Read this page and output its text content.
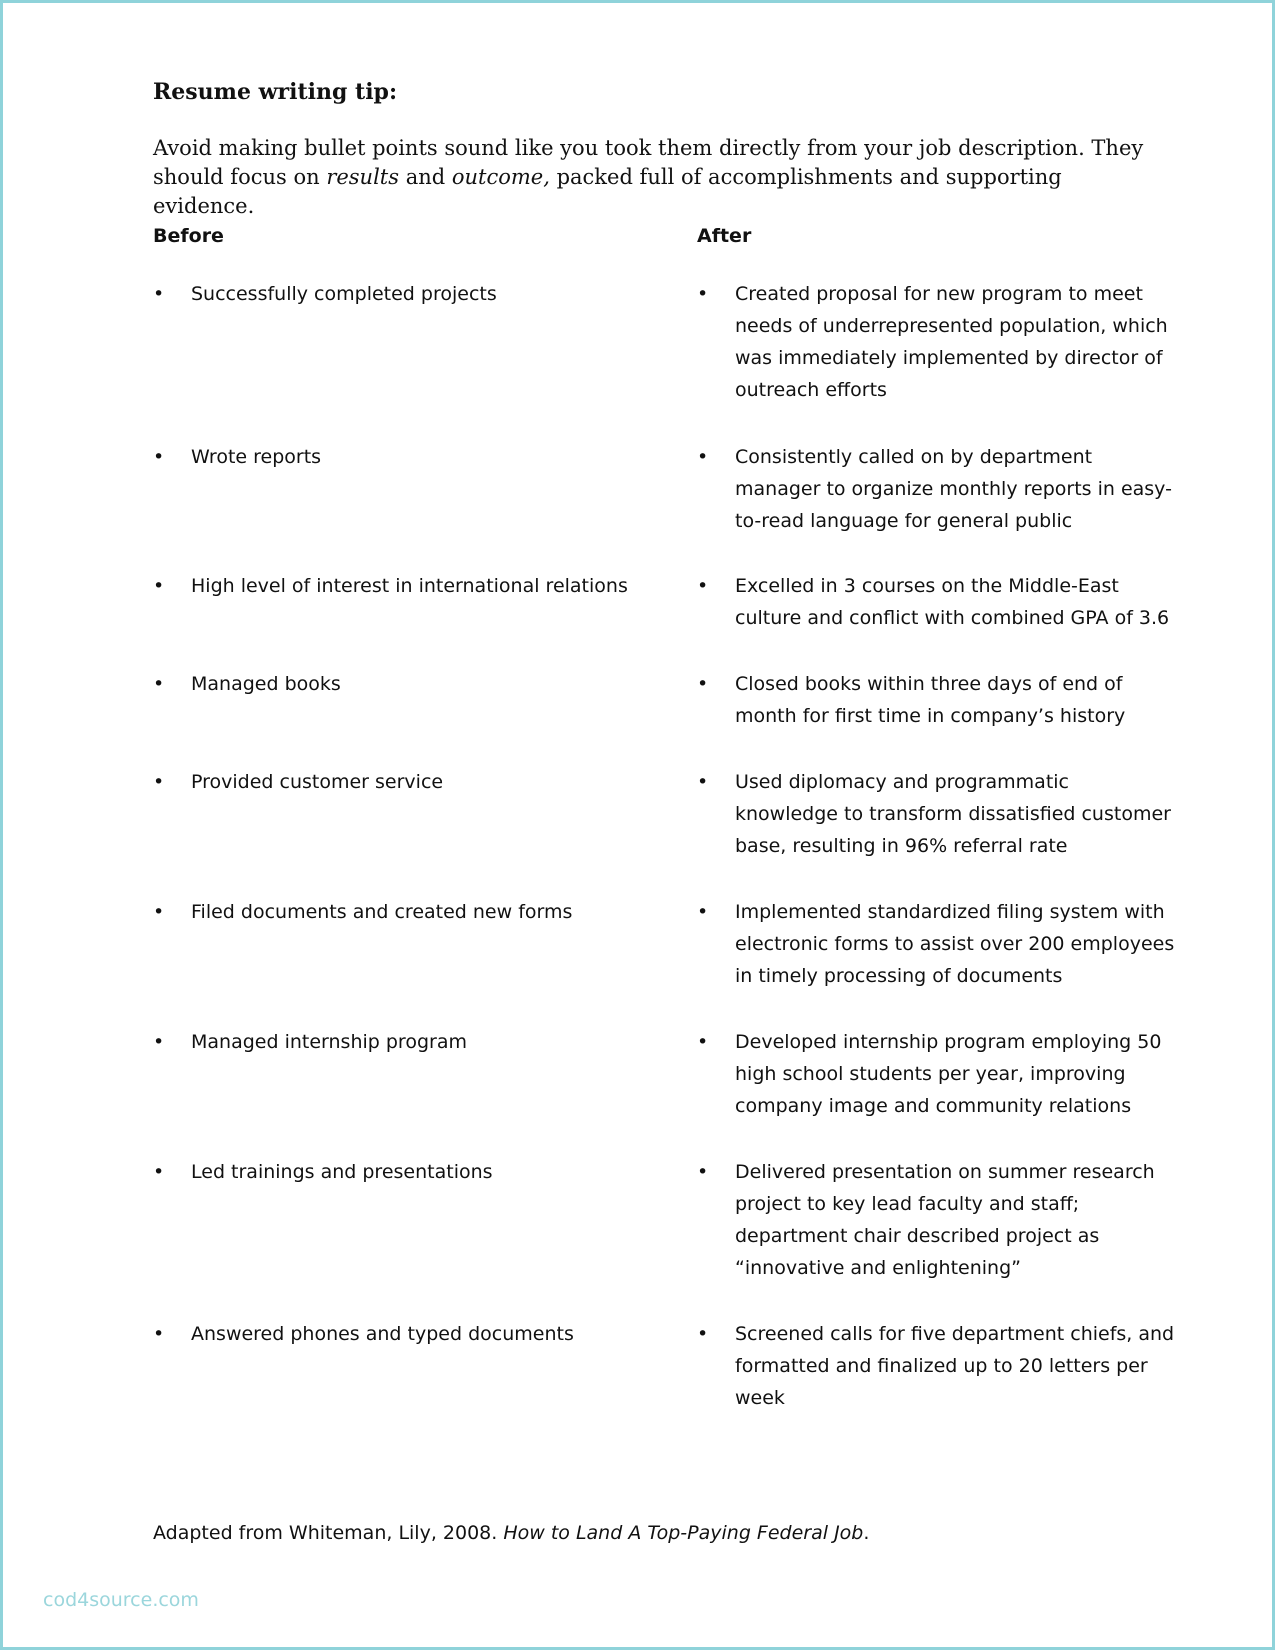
Resume writing tip:

Avoid making bullet points sound like you took them directly from your job description. They should focus on results and outcome, packed full of accomplishments and supporting evidence.

Before	After
• Successfully completed projects	• Created proposal for new program to meet needs of underrepresented population, which was immediately implemented by director of outreach efforts
• Wrote reports	• Consistently called on by department manager to organize monthly reports in easy-to-read language for general public
• High level of interest in international relations	• Excelled in 3 courses on the Middle-East culture and conflict with combined GPA of 3.6
• Managed books	• Closed books within three days of end of month for first time in company’s history
• Provided customer service	• Used diplomacy and programmatic knowledge to transform dissatisfied customer base, resulting in 96% referral rate
• Filed documents and created new forms	• Implemented standardized filing system with electronic forms to assist over 200 employees in timely processing of documents
• Managed internship program	• Developed internship program employing 50 high school students per year, improving company image and community relations
• Led trainings and presentations	• Delivered presentation on summer research project to key lead faculty and staff; department chair described project as “innovative and enlightening”
• Answered phones and typed documents	• Screened calls for five department chiefs, and formatted and finalized up to 20 letters per week

Adapted from Whiteman, Lily, 2008. How to Land A Top-Paying Federal Job.

cod4source.com
